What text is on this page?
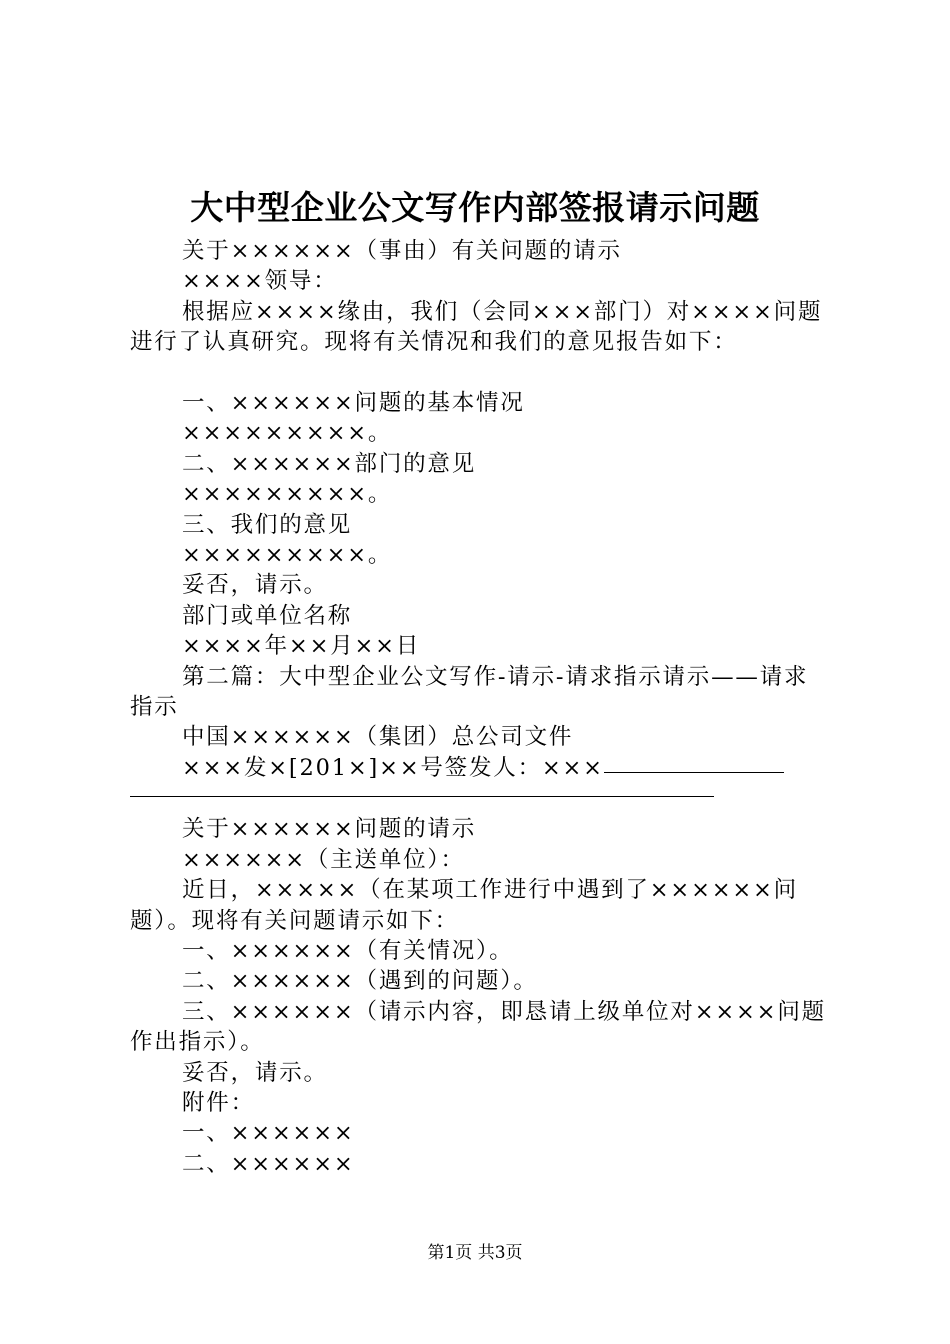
大中型企业公文写作内部签报请示问题
关于××××××（事由）有关问题的请示
××××领导：
根据应××××缘由，我们（会同×××部门）对××××问题进行了认真研究。现将有关情况和我们的意见报告如下：
一、××××××问题的基本情况
×××××××××。
二、××××××部门的意见
×××××××××。
三、我们的意见
×××××××××。
妥否，请示。
部门或单位名称
××××年××月××日
第二篇：大中型企业公文写作-请示-请求指示请示——请求指示
中国××××××（集团）总公司文件
×××发×[201×]××号签发人：×××
关于××××××问题的请示
××××××（主送单位）：
近日，×××××（在某项工作进行中遇到了××××××问题）。现将有关问题请示如下：
一、××××××（有关情况）。
二、××××××（遇到的问题）。
三、××××××（请示内容，即恳请上级单位对××××问题作出指示）。
妥否，请示。
附件：
一、××××××
二、××××××
第1页 共3页
